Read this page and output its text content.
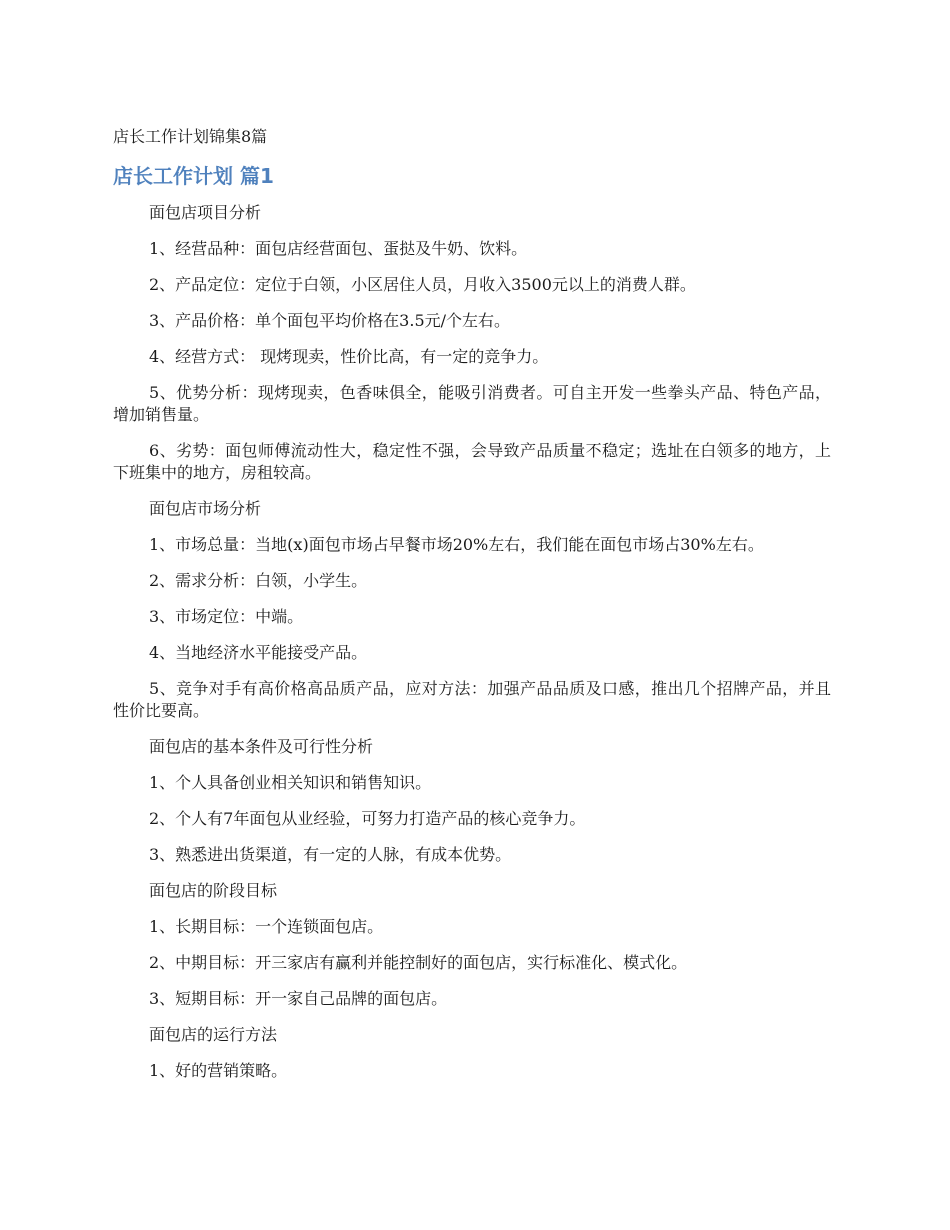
店长工作计划锦集8篇

店长工作计划 篇1

面包店项目分析

1、经营品种：面包店经营面包、蛋挞及牛奶、饮料。

2、产品定位：定位于白领，小区居住人员，月收入3500元以上的消费人群。

3、产品价格：单个面包平均价格在3.5元/个左右。

4、经营方式： 现烤现卖，性价比高，有一定的竞争力。

5、优势分析：现烤现卖，色香味俱全，能吸引消费者。可自主开发一些拳头产品、特色产品，增加销售量。

6、劣势：面包师傅流动性大，稳定性不强，会导致产品质量不稳定；选址在白领多的地方，上下班集中的地方，房租较高。

面包店市场分析

1、市场总量：当地(x)面包市场占早餐市场20%左右，我们能在面包市场占30%左右。

2、需求分析：白领，小学生。

3、市场定位：中端。

4、当地经济水平能接受产品。

5、竞争对手有高价格高品质产品，应对方法：加强产品品质及口感，推出几个招牌产品，并且性价比要高。

面包店的基本条件及可行性分析

1、个人具备创业相关知识和销售知识。

2、个人有7年面包从业经验，可努力打造产品的核心竞争力。

3、熟悉进出货渠道，有一定的人脉，有成本优势。

面包店的阶段目标

1、长期目标：一个连锁面包店。

2、中期目标：开三家店有赢利并能控制好的面包店，实行标准化、模式化。

3、短期目标：开一家自己品牌的面包店。

面包店的运行方法

1、好的营销策略。
